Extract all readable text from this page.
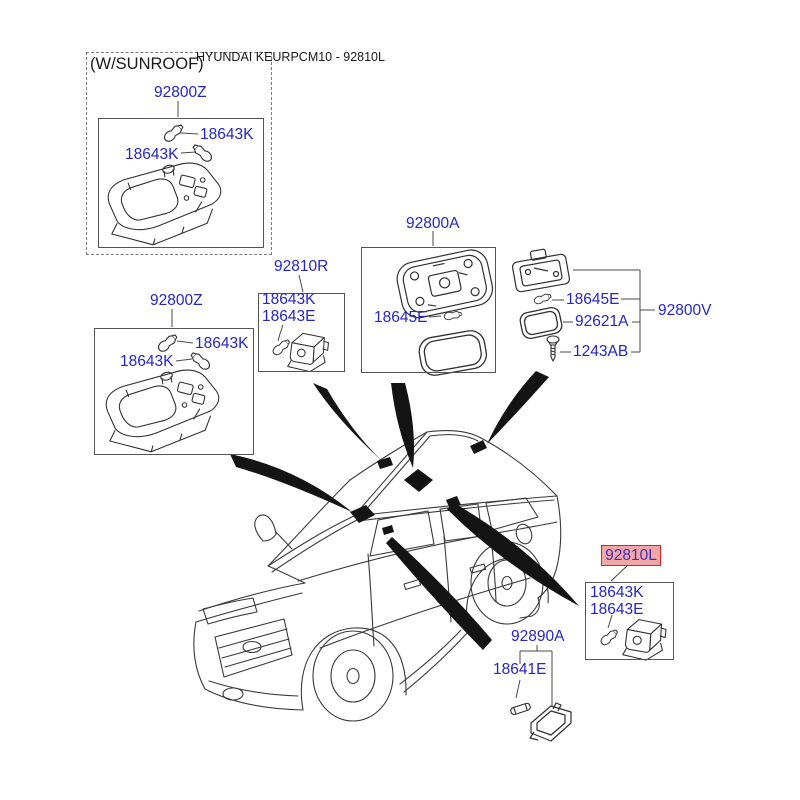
HYUNDAI KEURPCM10 - 92810L
(W/SUNROOF)
92800Z
18643K
18643K
92800Z
18643K
18643K
92810R
18643K
18643E
92800A
18645E
18645E
92621A
1243AB
92800V
92810L
18643K
18643E
92890A
18641E
